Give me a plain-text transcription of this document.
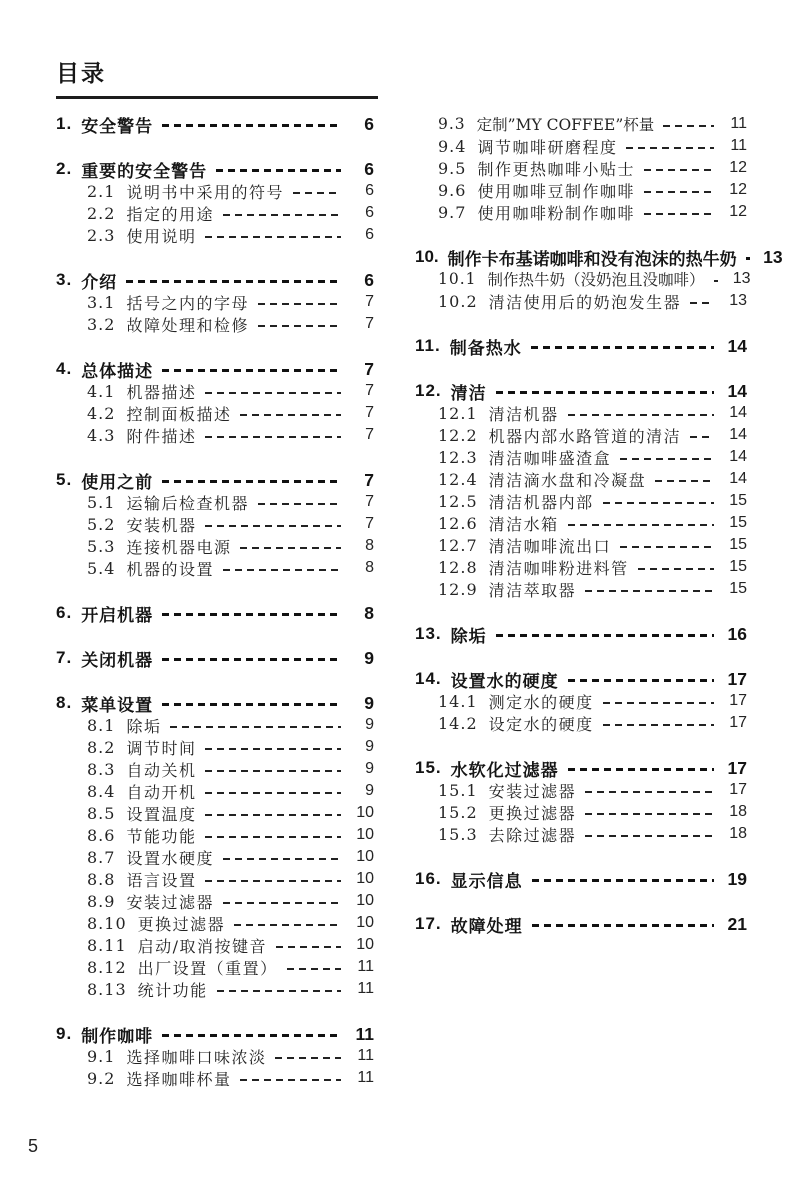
目录
1. 安全警告	6
2. 重要的安全警告	6
2.1 说明书中采用的符号	6
2.2 指定的用途	6
2.3 使用说明	6
3. 介绍	6
3.1 括号之内的字母	7
3.2 故障处理和检修	7
4. 总体描述	7
4.1 机器描述	7
4.2 控制面板描述	7
4.3 附件描述	7
5. 使用之前	7
5.1 运输后检查机器	7
5.2 安装机器	7
5.3 连接机器电源	8
5.4 机器的设置	8
6. 开启机器	8
7. 关闭机器	9
8. 菜单设置	9
8.1 除垢	9
8.2 调节时间	9
8.3 自动关机	9
8.4 自动开机	9
8.5 设置温度	10
8.6 节能功能	10
8.7 设置水硬度	10
8.8 语言设置	10
8.9 安装过滤器	10
8.10 更换过滤器	10
8.11 启动/取消按键音	10
8.12 出厂设置（重置）	11
8.13 统计功能	11
9. 制作咖啡	11
9.1 选择咖啡口味浓淡	11
9.2 选择咖啡杯量	11
9.3 定制”MY COFFEE”杯量	11
9.4 调节咖啡研磨程度	11
9.5 制作更热咖啡小贴士	12
9.6 使用咖啡豆制作咖啡	12
9.7 使用咖啡粉制作咖啡	12
10. 制作卡布基诺咖啡和没有泡沫的热牛奶	13
10.1 制作热牛奶（没奶泡且没咖啡）	13
10.2 清洁使用后的奶泡发生器	13
11. 制备热水	14
12. 清洁	14
12.1 清洁机器	14
12.2 机器内部水路管道的清洁	14
12.3 清洁咖啡盛渣盒	14
12.4 清洁滴水盘和冷凝盘	14
12.5 清洁机器内部	15
12.6 清洁水箱	15
12.7 清洁咖啡流出口	15
12.8 清洁咖啡粉进料管	15
12.9 清洁萃取器	15
13. 除垢	16
14. 设置水的硬度	17
14.1 测定水的硬度	17
14.2 设定水的硬度	17
15. 水软化过滤器	17
15.1 安装过滤器	17
15.2 更换过滤器	18
15.3 去除过滤器	18
16. 显示信息	19
17. 故障处理	21
5
